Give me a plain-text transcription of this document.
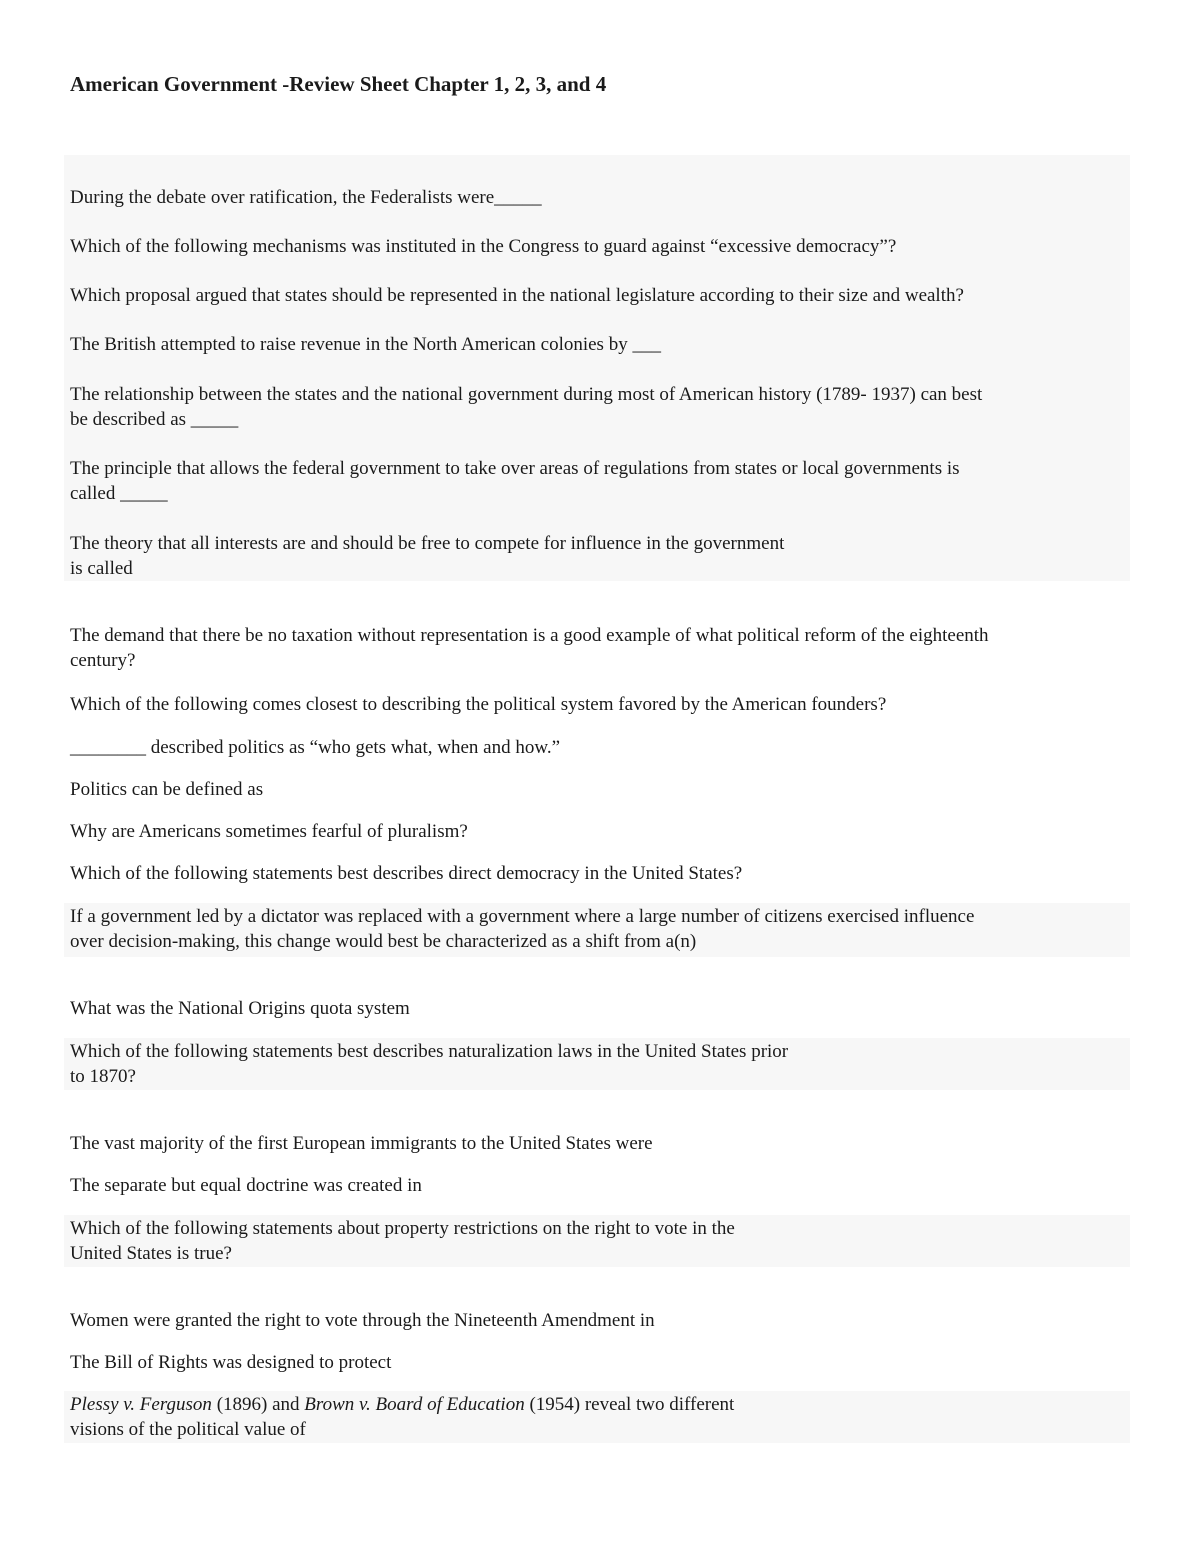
American Government -Review Sheet Chapter 1, 2, 3, and 4
During the debate over ratification, the Federalists were_____
Which of the following mechanisms was instituted in the Congress to guard against “excessive democracy”?
Which proposal argued that states should be represented in the national legislature according to their size and wealth?
The British attempted to raise revenue in the North American colonies by ___
The relationship between the states and the national government during most of American history (1789- 1937) can best
be described as _____
The principle that allows the federal government to take over areas of regulations from states or local governments is
called _____
The theory that all interests are and should be free to compete for influence in the government
is called
The demand that there be no taxation without representation is a good example of what political reform of the eighteenth
century?
Which of the following comes closest to describing the political system favored by the American founders?
________ described politics as “who gets what, when and how.”
Politics can be defined as
Why are Americans sometimes fearful of pluralism?
Which of the following statements best describes direct democracy in the United States?
If a government led by a dictator was replaced with a government where a large number of citizens exercised influence
over decision-making, this change would best be characterized as a shift from a(n)
What was the National Origins quota system
Which of the following statements best describes naturalization laws in the United States prior
to 1870?
The vast majority of the first European immigrants to the United States were
The separate but equal doctrine was created in
Which of the following statements about property restrictions on the right to vote in the
United States is true?
Women were granted the right to vote through the Nineteenth Amendment in
The Bill of Rights was designed to protect
Plessy v. Ferguson (1896) and Brown v. Board of Education (1954) reveal two different
visions of the political value of
